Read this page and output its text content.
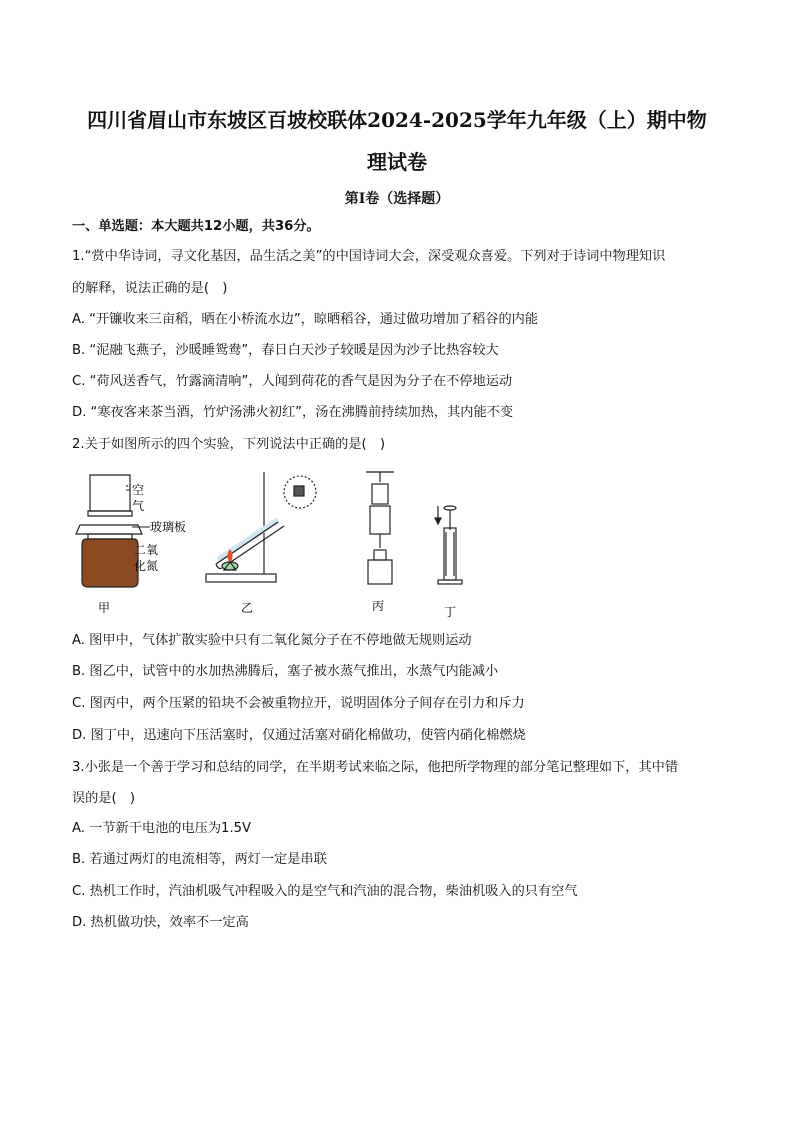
四川省眉山市东坡区百坡校联体2024-2025学年九年级（上）期中物
理试卷
第I卷（选择题）
一、单选题：本大题共12小题，共36分。
1.“赏中华诗词，寻文化基因，品生活之美”的中国诗词大会，深受观众喜爱。下列对于诗词中物理知识
的解释，说法正确的是(　)
A. “开镰收来三亩稻，晒在小桥流水边”，晾晒稻谷，通过做功增加了稻谷的内能
B. “泥融飞燕子，沙暖睡鸳鸯”，春日白天沙子较暖是因为沙子比热容较大
C. “荷风送香气，竹露滴清响”，人闻到荷花的香气是因为分子在不停地运动
D. “寒夜客来茶当酒，竹炉汤沸火初红”，汤在沸腾前持续加热，其内能不变
2.关于如图所示的四个实验，下列说法中正确的是(　)
空
气
玻璃板
二氧
化氮
甲	乙	丙	丁
A. 图甲中，气体扩散实验中只有二氧化氮分子在不停地做无规则运动
B. 图乙中，试管中的水加热沸腾后，塞子被水蒸气推出，水蒸气内能减小
C. 图丙中，两个压紧的铅块不会被重物拉开，说明固体分子间存在引力和斥力
D. 图丁中，迅速向下压活塞时，仅通过活塞对硝化棉做功，使管内硝化棉燃烧
3.小张是一个善于学习和总结的同学，在半期考试来临之际，他把所学物理的部分笔记整理如下，其中错
误的是(　)
A. 一节新干电池的电压为1.5V
B. 若通过两灯的电流相等，两灯一定是串联
C. 热机工作时，汽油机吸气冲程吸入的是空气和汽油的混合物，柴油机吸入的只有空气
D. 热机做功快，效率不一定高
